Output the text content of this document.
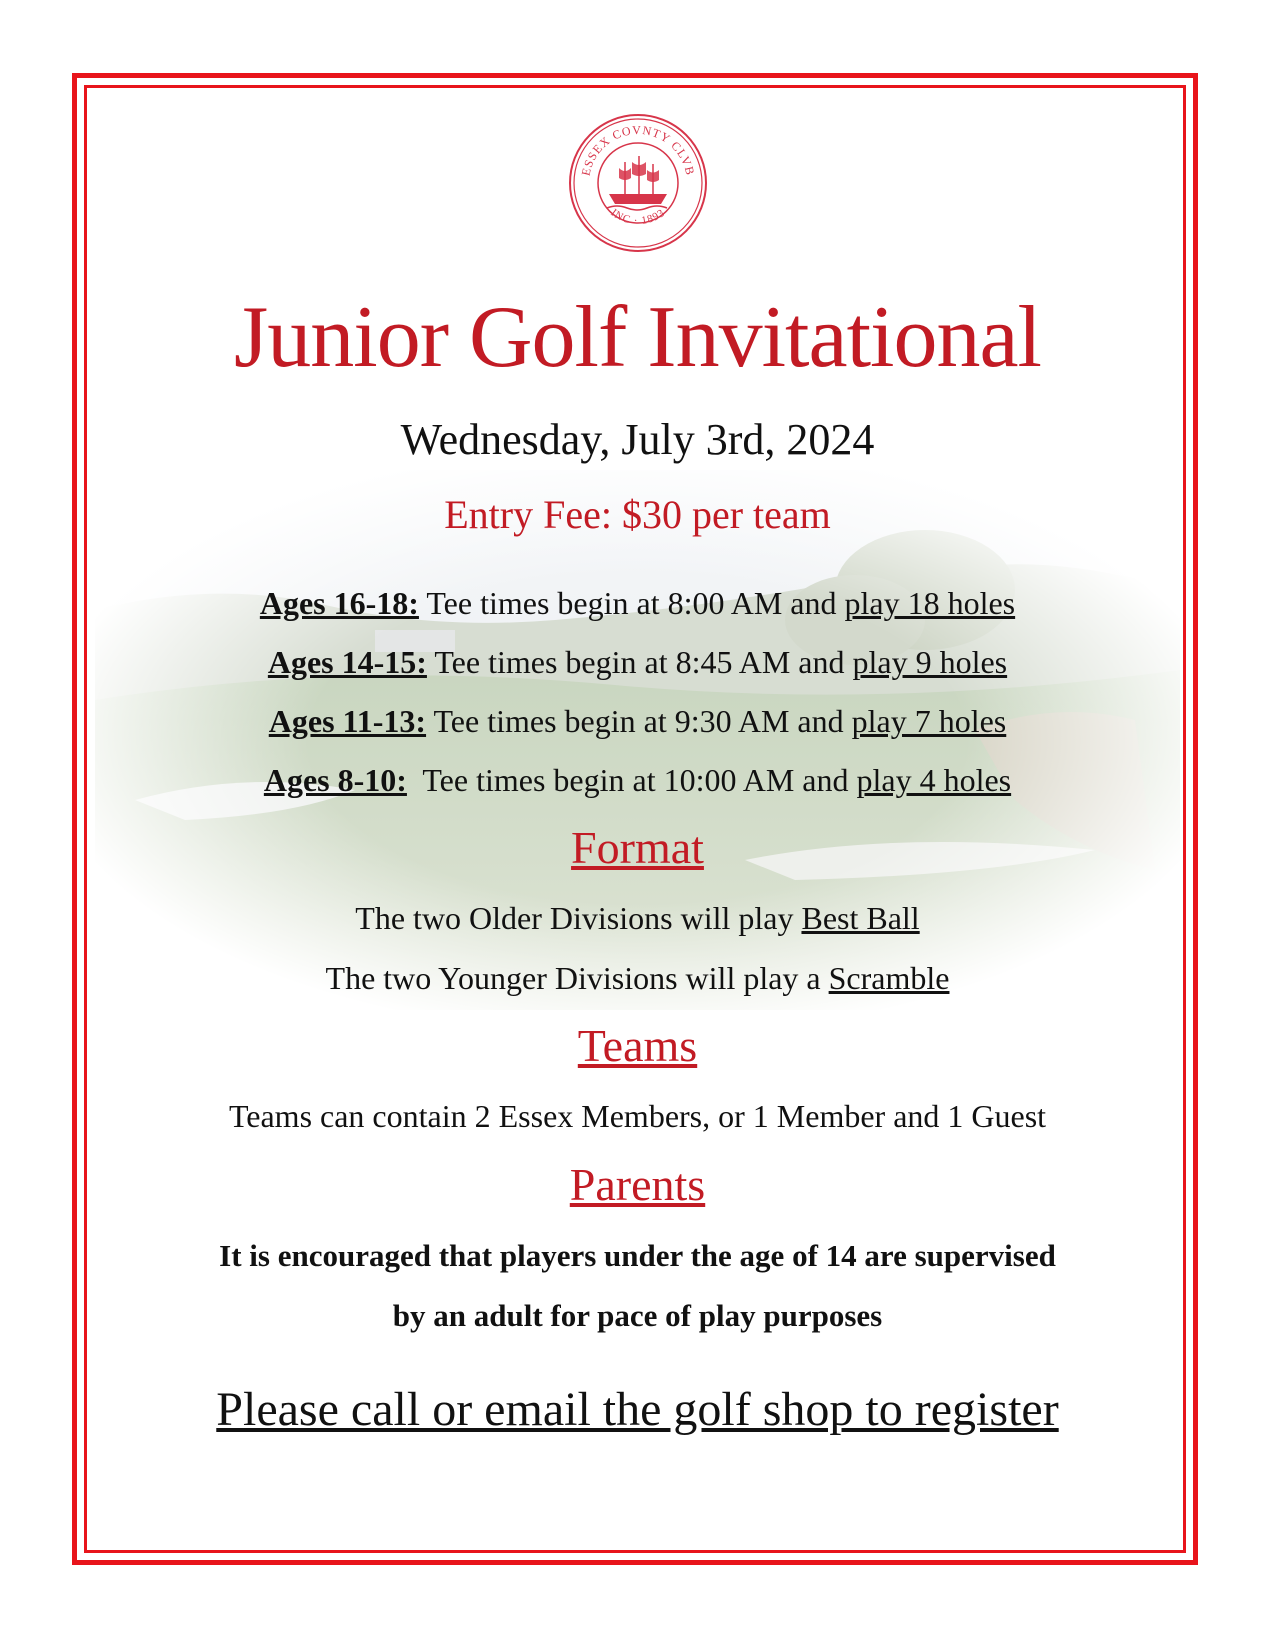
ESSEX COVNTY CLVB
INC · 1893
Junior Golf Invitational
Wednesday, July 3rd, 2024
Entry Fee: $30 per team
Ages 16-18: Tee times begin at 8:00 AM and play 18 holes
Ages 14-15: Tee times begin at 8:45 AM and play 9 holes
Ages 11-13: Tee times begin at 9:30 AM and play 7 holes
Ages 8-10:  Tee times begin at 10:00 AM and play 4 holes
Format
The two Older Divisions will play Best Ball
The two Younger Divisions will play a Scramble
Teams
Teams can contain 2 Essex Members, or 1 Member and 1 Guest
Parents
It is encouraged that players under the age of 14 are supervised
by an adult for pace of play purposes
Please call or email the golf shop to register
